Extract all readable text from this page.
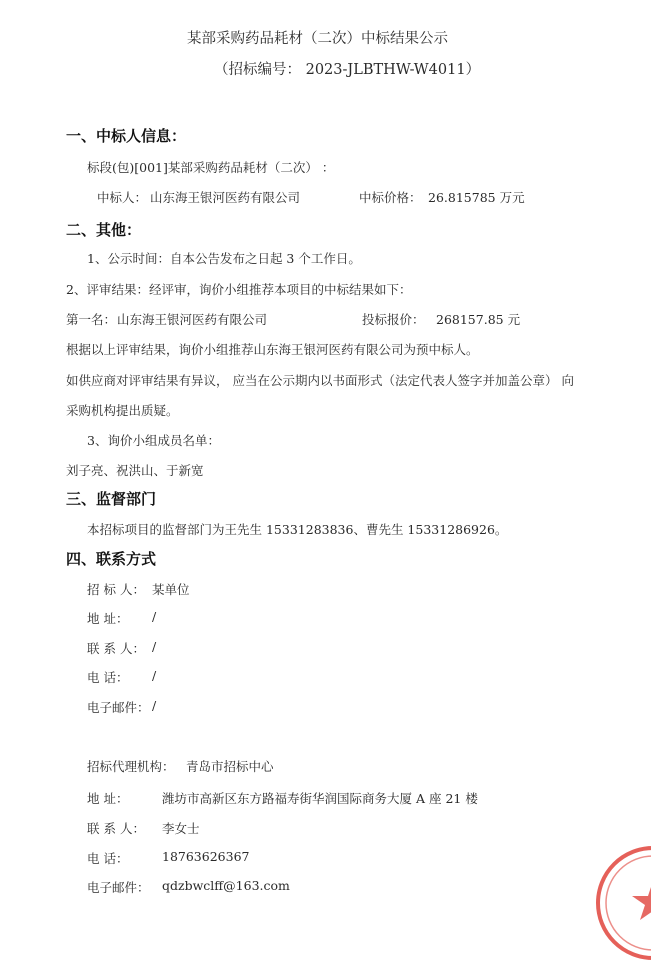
某部采购药品耗材（二次）中标结果公示
（招标编号： 2023-JLBTHW-W4011）
一、中标人信息：
标段(包)[001]某部采购药品耗材（二次） ：
中标人： 山东海王银河医药有限公司	中标价格： 26.815785 万元
二、其他：
1、公示时间：自本公告发布之日起 3 个工作日。
2、评审结果：经评审，询价小组推荐本项目的中标结果如下：
第一名： 山东海王银河医药有限公司	投标报价： 268157.85 元
根据以上评审结果，询价小组推荐山东海王银河医药有限公司为预中标人。
如供应商对评审结果有异议， 应当在公示期内以书面形式（法定代表人签字并加盖公章） 向
采购机构提出质疑。
3、询价小组成员名单：
刘子亮、祝洪山、于新宽
三、监督部门
本招标项目的监督部门为王先生 15331283836、曹先生 15331286926。
四、联系方式
招 标 人： 某单位
地 址： /
联 系 人： /
电 话： /
电子邮件： /
招标代理机构： 青岛市招标中心
地 址：	潍坊市高新区东方路福寿街华润国际商务大厦 A 座 21 楼
联 系 人： 李女士
电 话：	18763626367
电子邮件： qdzbwclff@163.com
